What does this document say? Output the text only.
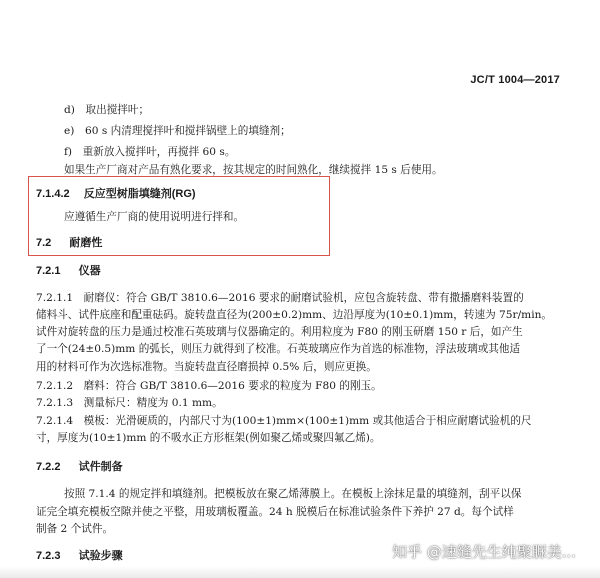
JC/T 1004—2017
d)　取出搅拌叶；
e)　60 s 内清理搅拌叶和搅拌锅壁上的填缝剂；
f)　重新放入搅拌叶，再搅拌 60 s。
如果生产厂商对产品有熟化要求，按其规定的时间熟化，继续搅拌 15 s 后使用。
7.1.4.2 反应型树脂填缝剂(RG)
应遵循生产厂商的使用说明进行拌和。
7.2 耐磨性
7.2.1 仪器
7.2.1.1　耐磨仪：符合 GB/T 3810.6—2016 要求的耐磨试验机，应包含旋转盘、带有撒播磨料装置的
储料斗、试件底座和配重砝码。旋转盘直径为(200±0.2)mm、边沿厚度为(10±0.1)mm，转速为 75r/min。
试件对旋转盘的压力是通过校准石英玻璃与仪器确定的。利用粒度为 F80 的刚玉研磨 150 r 后，如产生
了一个(24±0.5)mm 的弧长，则压力就得到了校准。石英玻璃应作为首选的标准物，浮法玻璃或其他适
用的材料可作为次选标准物。当旋转盘直径磨损掉 0.5% 后，则应更换。
7.2.1.2　磨料：符合 GB/T 3810.6—2016 要求的粒度为 F80 的刚玉。
7.2.1.3　测量标尺：精度为 0.1 mm。
7.2.1.4　模板：光滑硬质的，内部尺寸为(100±1)mm×(100±1)mm 或其他适合于相应耐磨试验机的尺
寸，厚度为(10±1)mm 的不吸水正方形框架(例如聚乙烯或聚四氟乙烯)。
7.2.2 试件制备
按照 7.1.4 的规定拌和填缝剂。把模板放在聚乙烯薄膜上。在模板上涂抹足量的填缝剂，刮平以保
证完全填充模板空隙并使之平整，用玻璃板覆盖。24 h 脱模后在标准试验条件下养护 27 d。每个试样
制备 2 个试件。
7.2.3 试验步骤	知乎 @速缝先生纯聚脲美...
